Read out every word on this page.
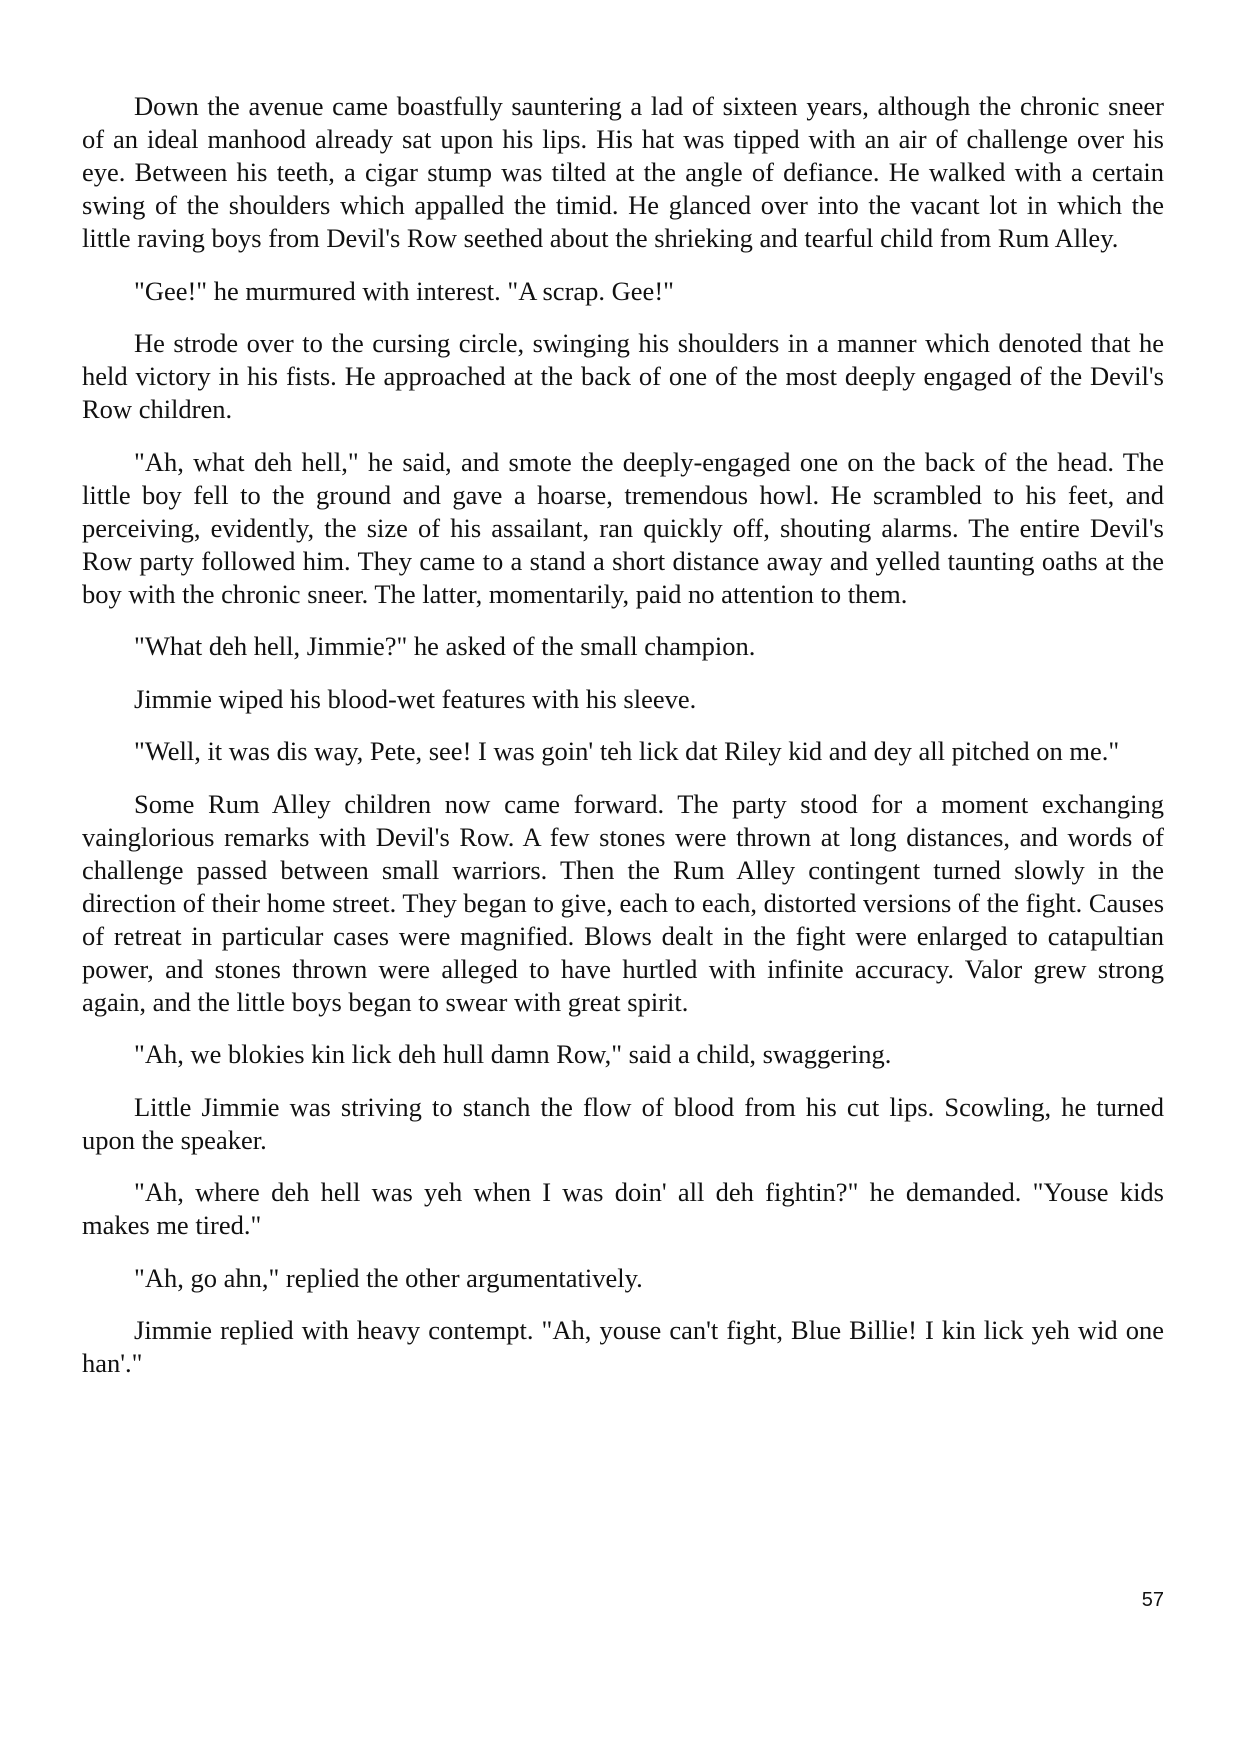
Down the avenue came boastfully sauntering a lad of sixteen years, although the chronic sneer of an ideal manhood already sat upon his lips. His hat was tipped with an air of challenge over his eye. Between his teeth, a cigar stump was tilted at the angle of defiance. He walked with a certain swing of the shoulders which appalled the timid. He glanced over into the vacant lot in which the little raving boys from Devil's Row seethed about the shrieking and tearful child from Rum Alley.

"Gee!" he murmured with interest. "A scrap. Gee!"

He strode over to the cursing circle, swinging his shoulders in a manner which denoted that he held victory in his fists. He approached at the back of one of the most deeply engaged of the Devil's Row children.

"Ah, what deh hell," he said, and smote the deeply-engaged one on the back of the head. The little boy fell to the ground and gave a hoarse, tremendous howl. He scrambled to his feet, and perceiving, evidently, the size of his assailant, ran quickly off, shouting alarms. The entire Devil's Row party followed him. They came to a stand a short distance away and yelled taunting oaths at the boy with the chronic sneer. The latter, momentarily, paid no attention to them.

"What deh hell, Jimmie?" he asked of the small champion.

Jimmie wiped his blood-wet features with his sleeve.

"Well, it was dis way, Pete, see! I was goin' teh lick dat Riley kid and dey all pitched on me."

Some Rum Alley children now came forward. The party stood for a moment exchanging vainglorious remarks with Devil's Row. A few stones were thrown at long distances, and words of challenge passed between small warriors. Then the Rum Alley contingent turned slowly in the direction of their home street. They began to give, each to each, distorted versions of the fight. Causes of retreat in particular cases were magnified. Blows dealt in the fight were enlarged to catapultian power, and stones thrown were alleged to have hurtled with infinite accuracy. Valor grew strong again, and the little boys began to swear with great spirit.

"Ah, we blokies kin lick deh hull damn Row," said a child, swaggering.

Little Jimmie was striving to stanch the flow of blood from his cut lips. Scowling, he turned upon the speaker.

"Ah, where deh hell was yeh when I was doin' all deh fightin?" he demanded. "Youse kids makes me tired."

"Ah, go ahn," replied the other argumentatively.

Jimmie replied with heavy contempt. "Ah, youse can't fight, Blue Billie! I kin lick yeh wid one han'."

57
